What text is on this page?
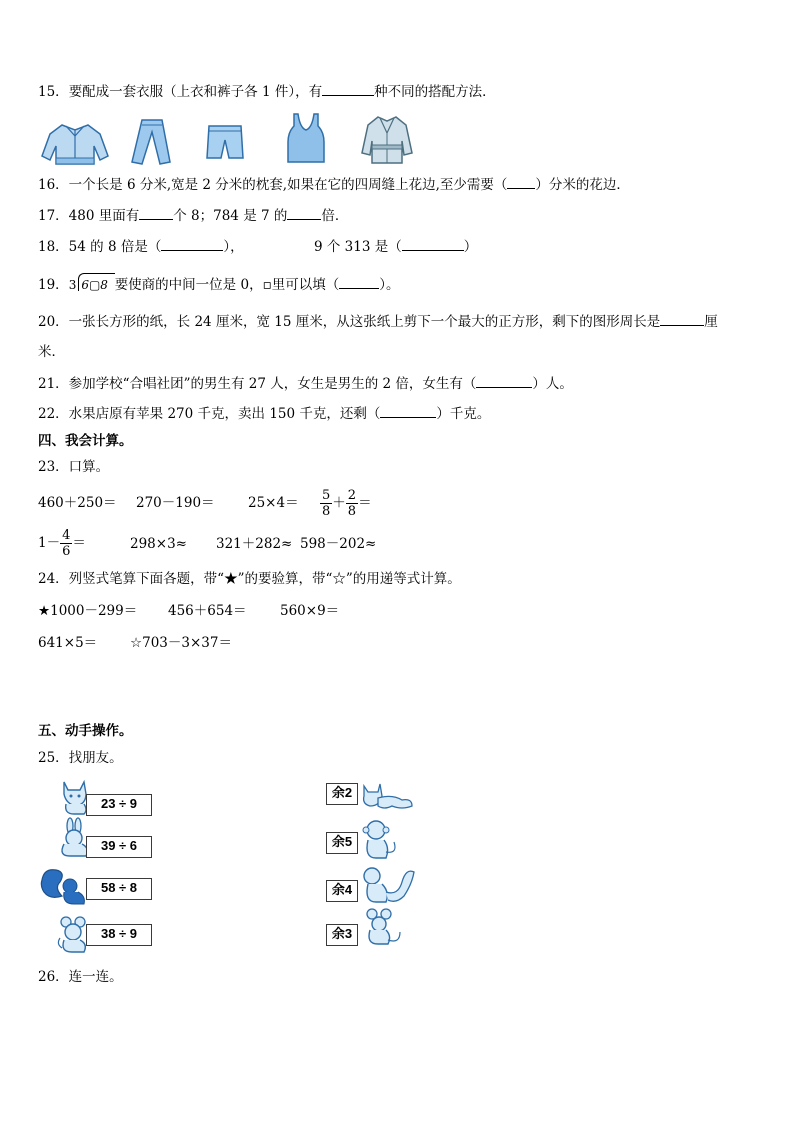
15．要配成一套衣服（上衣和裤子各 1 件），有	种不同的搭配方法．
16．一个长是 6 分米,宽是 2 分米的枕套,如果在它的四周缝上花边,至少需要（ ）分米的花边．
17．480 里面有	个 8；784 是 7 的	倍．
18．54 的 8 倍是（	），	9 个 313 是（	）
19．3 6▢8 要使商的中间一位是 0，▫里可以填（	）。
20．一张长方形的纸，长 24 厘米，宽 15 厘米，从这张纸上剪下一个最大的正方形，剩下的图形周长是	厘
米．
21．参加学校“合唱社团”的男生有 27 人，女生是男生的 2 倍，女生有（	）人。
22．水果店原有苹果 270 千克，卖出 150 千克，还剩（	）千克。
四、我会计算。
23．口算。
$460+250= 270-190= 25\times 4= \frac{5}{8} + \frac{2}{8}$ ＝
$1- \frac{4}{6}$ ＝	298×3≈ 321＋282≈ 598－202≈
24．列竖式笔算下面各题，带“★”的要验算，带“☆”的用递等式计算。
★1000－299＝ 456＋654＝ 560×9＝
641×5＝ ☆703－3×37＝
五、动手操作。
25．找朋友。
23 ÷ 9
39 ÷ 6
58 ÷ 8
38 ÷ 9
余2
余5
余4
余3
26．连一连。
